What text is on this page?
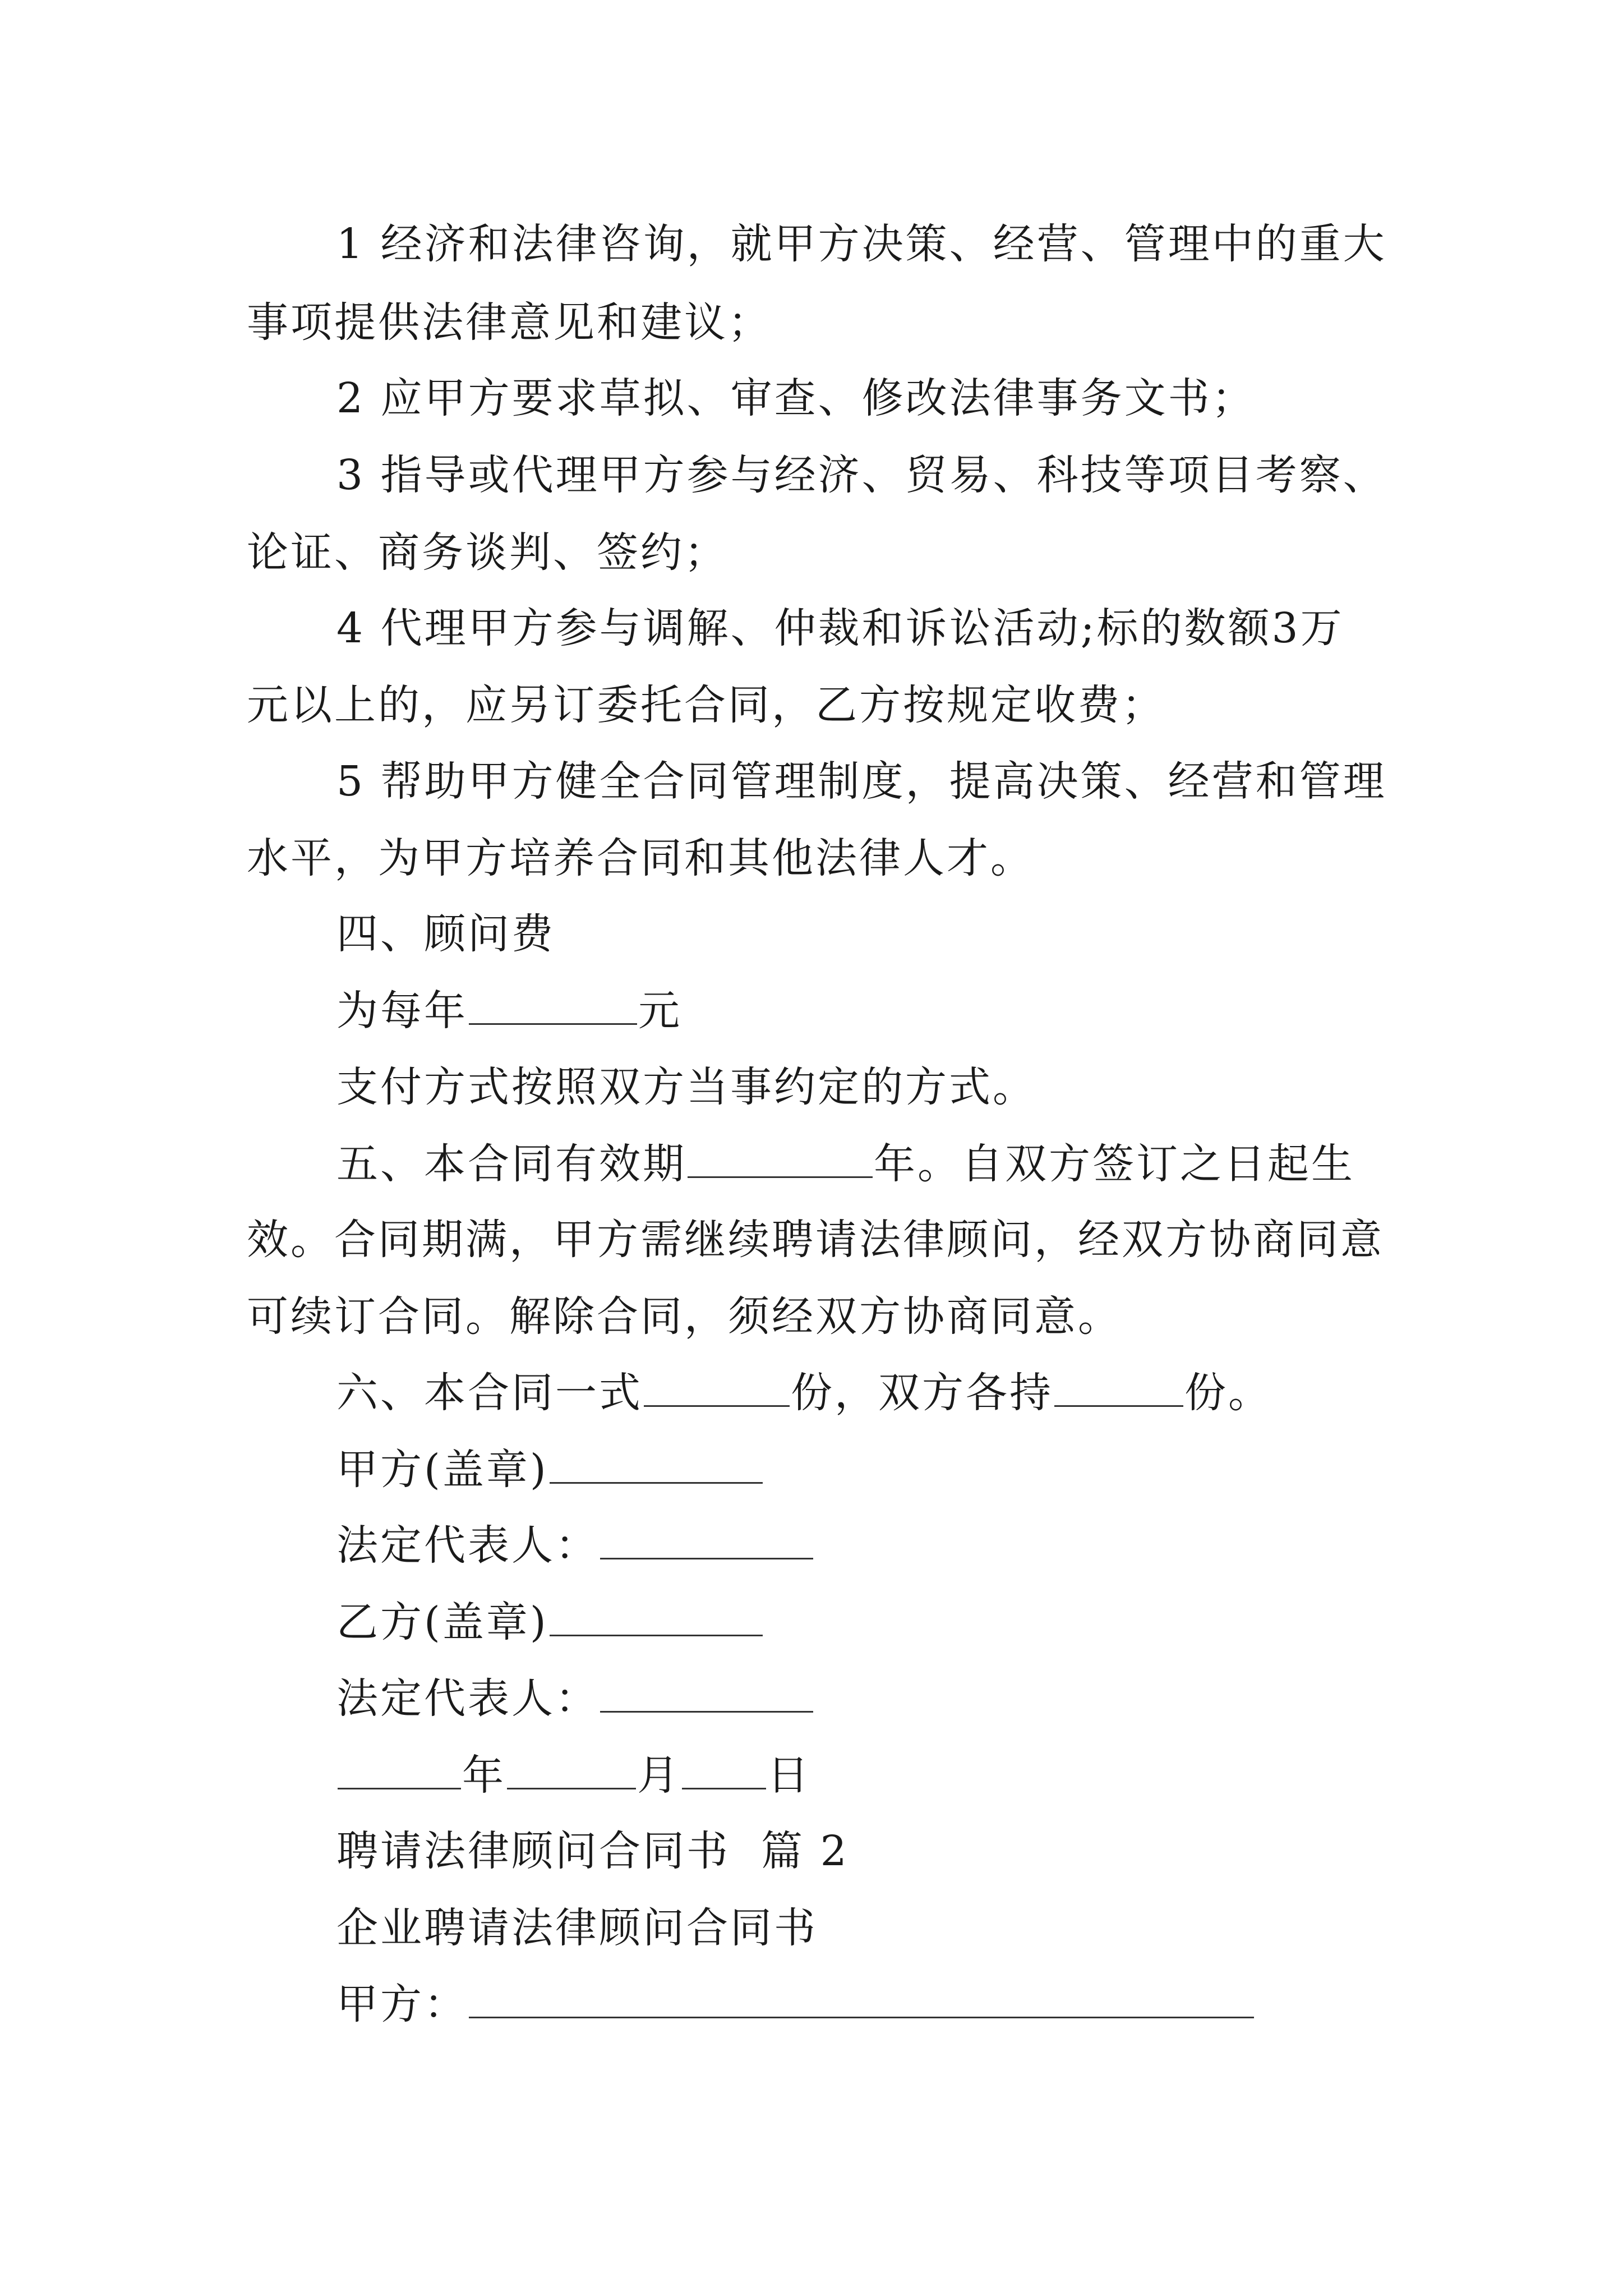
1 经济和法律咨询，就甲方决策、经营、管理中的重大
事项提供法律意见和建议；
2 应甲方要求草拟、审查、修改法律事务文书；
3 指导或代理甲方参与经济、贸易、科技等项目考察、
论证、商务谈判、签约；
4 代理甲方参与调解、仲裁和诉讼活动;标的数额3万
元以上的，应另订委托合同，乙方按规定收费；
5 帮助甲方健全合同管理制度，提高决策、经营和管理
水平，为甲方培养合同和其他法律人才。
四、顾问费
为每年	元
支付方式按照双方当事约定的方式。
五、本合同有效期	年。自双方签订之日起生
效。合同期满，甲方需继续聘请法律顾问，经双方协商同意
可续订合同。解除合同，须经双方协商同意。
六、本合同一式	份，双方各持	份。
甲方(盖章)
法定代表人：
乙方(盖章)
法定代表人：
年	月 日
聘请法律顾问合同书  篇 2
企业聘请法律顾问合同书
甲方：
